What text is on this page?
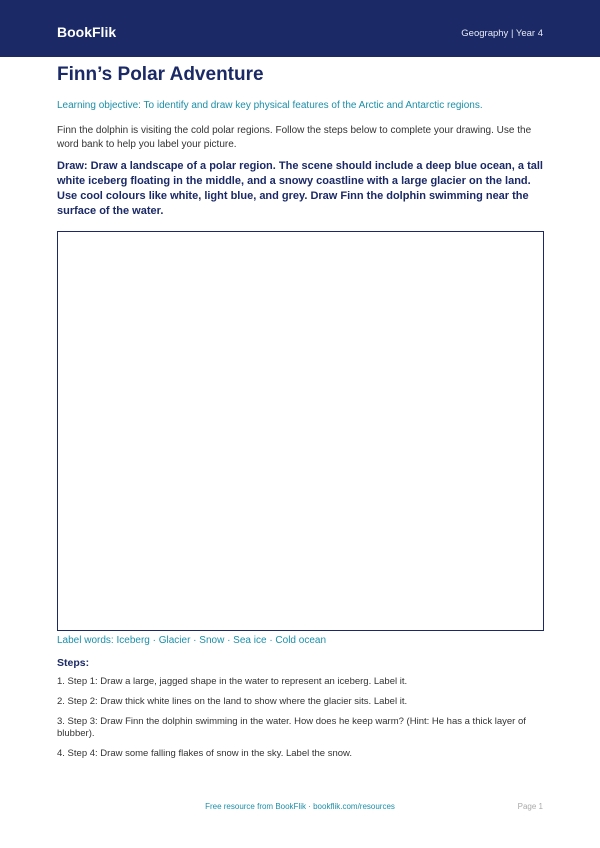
BookFlik	Geography | Year 4
Finn’s Polar Adventure
Learning objective: To identify and draw key physical features of the Arctic and Antarctic regions.
Finn the dolphin is visiting the cold polar regions. Follow the steps below to complete your drawing. Use the word bank to help you label your picture.
Draw: Draw a landscape of a polar region. The scene should include a deep blue ocean, a tall white iceberg floating in the middle, and a snowy coastline with a large glacier on the land. Use cool colours like white, light blue, and grey. Draw Finn the dolphin swimming near the surface of the water.
Label words: Iceberg · Glacier · Snow · Sea ice · Cold ocean
Steps:
1. Step 1: Draw a large, jagged shape in the water to represent an iceberg. Label it.
2. Step 2: Draw thick white lines on the land to show where the glacier sits. Label it.
3. Step 3: Draw Finn the dolphin swimming in the water. How does he keep warm? (Hint: He has a thick layer of blubber).
4. Step 4: Draw some falling flakes of snow in the sky. Label the snow.
Free resource from BookFlik · bookflik.com/resources	Page 1
